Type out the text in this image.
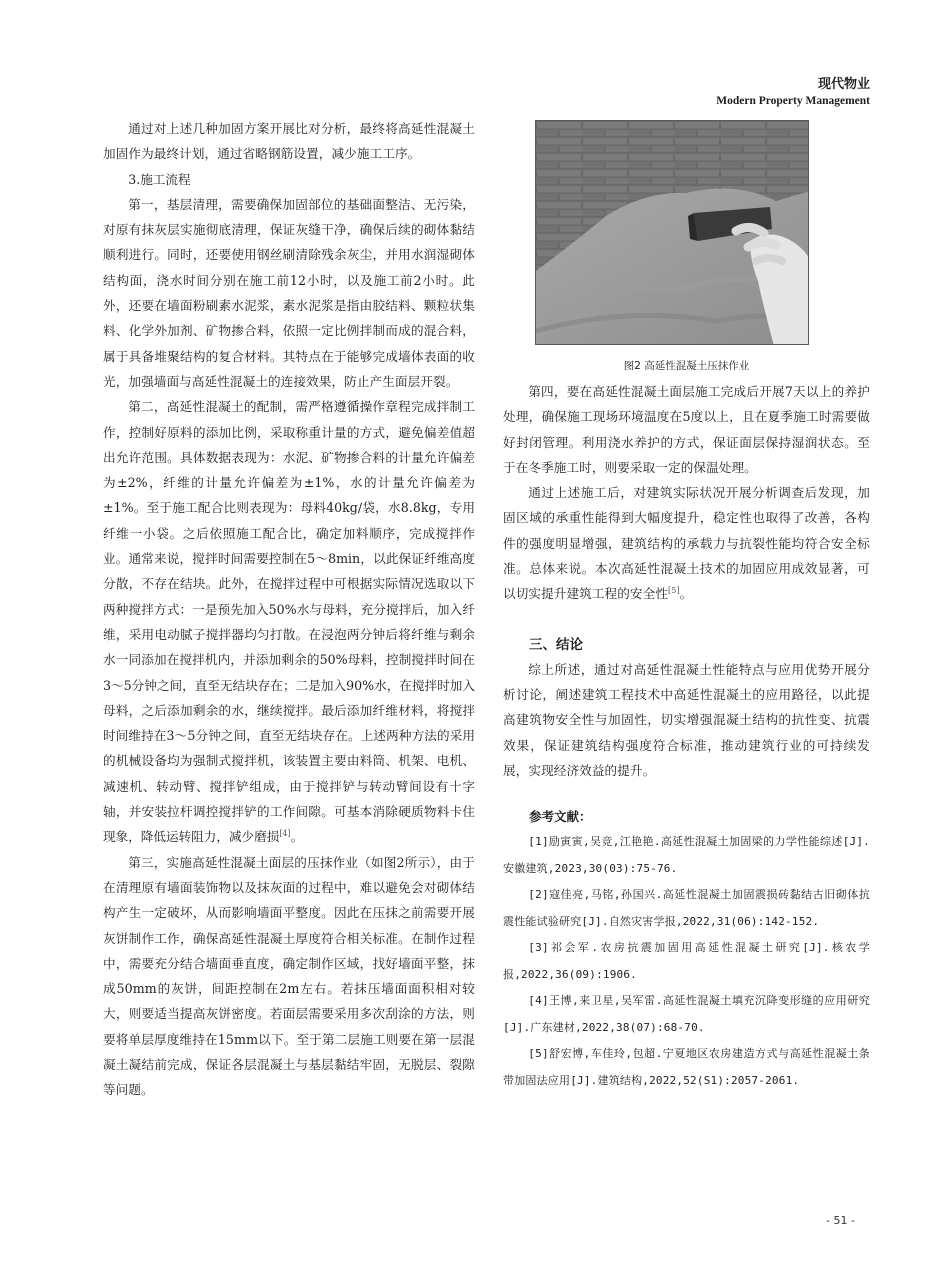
现代物业
Modern Property Management

通过对上述几种加固方案开展比对分析，最终将高延性混凝土加固作为最终计划，通过省略钢筋设置，减少施工工序。

3.施工流程

第一，基层清理，需要确保加固部位的基础面整洁、无污染，对原有抹灰层实施彻底清理，保证灰缝干净，确保后续的砌体黏结顺利进行。同时，还要使用钢丝刷清除残余灰尘，并用水润湿砌体结构面，浇水时间分别在施工前12小时，以及施工前2小时。此外，还要在墙面粉刷素水泥浆，素水泥浆是指由胶结料、颗粒状集料、化学外加剂、矿物掺合料，依照一定比例拌制而成的混合料，属于具备堆聚结构的复合材料。其特点在于能够完成墙体表面的收光，加强墙面与高延性混凝土的连接效果，防止产生面层开裂。

第二，高延性混凝土的配制，需严格遵循操作章程完成拌制工作，控制好原料的添加比例，采取称重计量的方式，避免偏差值超出允许范围。具体数据表现为：水泥、矿物掺合料的计量允许偏差为±2%，纤维的计量允许偏差为±1%，水的计量允许偏差为±1%。至于施工配合比则表现为：母料40kg/袋，水8.8kg，专用纤维一小袋。之后依照施工配合比，确定加料顺序，完成搅拌作业。通常来说，搅拌时间需要控制在5～8min，以此保证纤维高度分散，不存在结块。此外，在搅拌过程中可根据实际情况选取以下两种搅拌方式：一是预先加入50%水与母料，充分搅拌后，加入纤维，采用电动腻子搅拌器均匀打散。在浸泡两分钟后将纤维与剩余水一同添加在搅拌机内，并添加剩余的50%母料，控制搅拌时间在3～5分钟之间，直至无结块存在；二是加入90%水，在搅拌时加入母料，之后添加剩余的水，继续搅拌。最后添加纤维材料，将搅拌时间维持在3～5分钟之间，直至无结块存在。上述两种方法的采用的机械设备均为强制式搅拌机，该装置主要由料筒、机架、电机、减速机、转动臂、搅拌铲组成，由于搅拌铲与转动臂间设有十字轴，并安装拉杆调控搅拌铲的工作间隙。可基本消除硬质物料卡住现象，降低运转阻力，减少磨损[4]。

第三，实施高延性混凝土面层的压抹作业（如图2所示），由于在清理原有墙面装饰物以及抹灰面的过程中，难以避免会对砌体结构产生一定破坏，从而影响墙面平整度。因此在压抹之前需要开展灰饼制作工作，确保高延性混凝土厚度符合相关标准。在制作过程中，需要充分结合墙面垂直度，确定制作区域，找好墙面平整，抹成50mm的灰饼，间距控制在2m左右。若抹压墙面面积相对较大，则要适当提高灰饼密度。若面层需要采用多次刮涂的方法，则要将单层厚度维持在15mm以下。至于第二层施工则要在第一层混凝土凝结前完成，保证各层混凝土与基层黏结牢固，无脱层、裂隙等问题。

图2 高延性混凝土压抹作业

第四，要在高延性混凝土面层施工完成后开展7天以上的养护处理，确保施工现场环境温度在5度以上，且在夏季施工时需要做好封闭管理。利用浇水养护的方式，保证面层保持湿润状态。至于在冬季施工时，则要采取一定的保温处理。

通过上述施工后，对建筑实际状况开展分析调查后发现，加固区域的承重性能得到大幅度提升，稳定性也取得了改善，各构件的强度明显增强，建筑结构的承载力与抗裂性能均符合安全标准。总体来说。本次高延性混凝土技术的加固应用成效显著，可以切实提升建筑工程的安全性[5]。

三、结论

综上所述，通过对高延性混凝土性能特点与应用优势开展分析讨论，阐述建筑工程技术中高延性混凝土的应用路径，以此提高建筑物安全性与加固性，切实增强混凝土结构的抗性变、抗震效果，保证建筑结构强度符合标准，推动建筑行业的可持续发展，实现经济效益的提升。

参考文献：

[1]励寅寅,吴竞,江艳艳.高延性混凝土加固梁的力学性能综述[J].安徽建筑,2023,30(03):75-76.

[2]寇佳亮,马铭,孙国兴.高延性混凝土加固震损砖黏结古旧砌体抗震性能试验研究[J].自然灾害学报,2022,31(06):142-152.

[3]祁会军.农房抗震加固用高延性混凝土研究[J].核农学报,2022,36(09):1906.

[4]王博,来卫星,吴军雷.高延性混凝土填充沉降变形缝的应用研究[J].广东建材,2022,38(07):68-70.

[5]舒宏博,车佳玲,包超.宁夏地区农房建造方式与高延性混凝土条带加固法应用[J].建筑结构,2022,52(S1):2057-2061.

- 51 -
